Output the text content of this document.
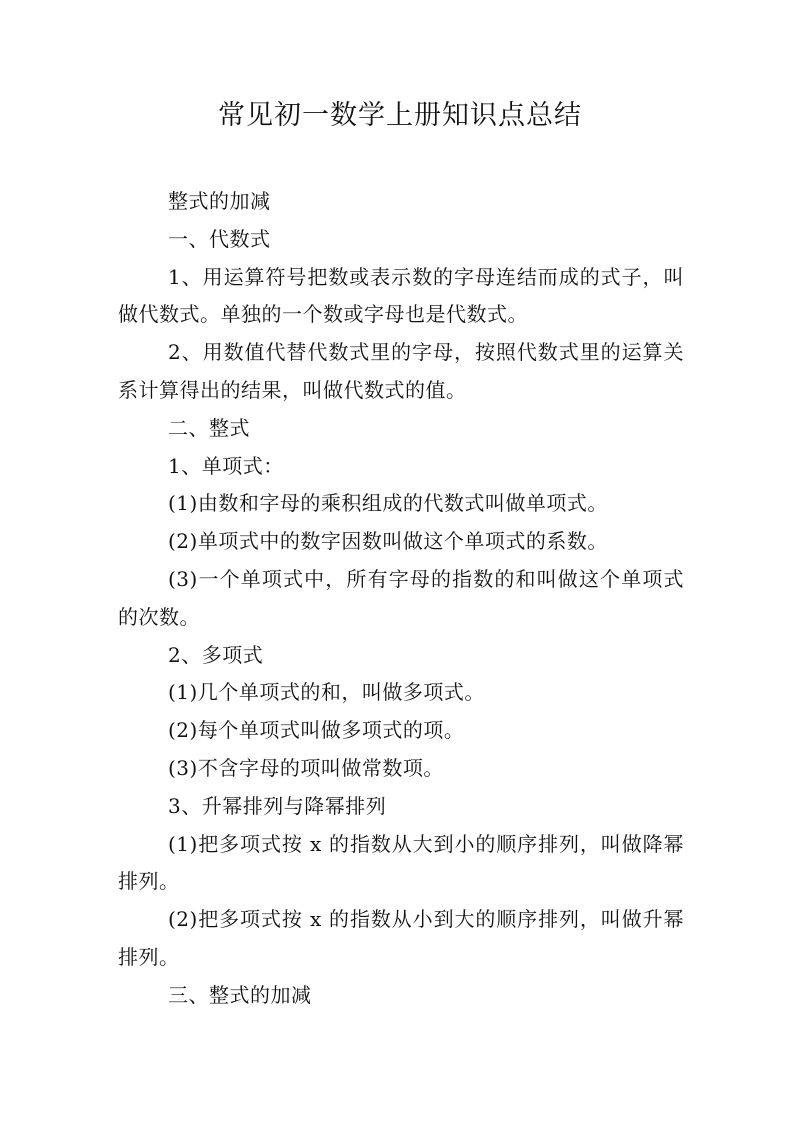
常见初一数学上册知识点总结

整式的加减

一、代数式

1、用运算符号把数或表示数的字母连结而成的式子，叫做代数式。单独的一个数或字母也是代数式。

2、用数值代替代数式里的字母，按照代数式里的运算关系计算得出的结果，叫做代数式的值。

二、整式

1、单项式：

(1)由数和字母的乘积组成的代数式叫做单项式。

(2)单项式中的数字因数叫做这个单项式的系数。

(3)一个单项式中，所有字母的指数的和叫做这个单项式的次数。

2、多项式

(1)几个单项式的和，叫做多项式。

(2)每个单项式叫做多项式的项。

(3)不含字母的项叫做常数项。

3、升幂排列与降幂排列

(1)把多项式按 x 的指数从大到小的顺序排列，叫做降幂排列。

(2)把多项式按 x 的指数从小到大的顺序排列，叫做升幂排列。

三、整式的加减
